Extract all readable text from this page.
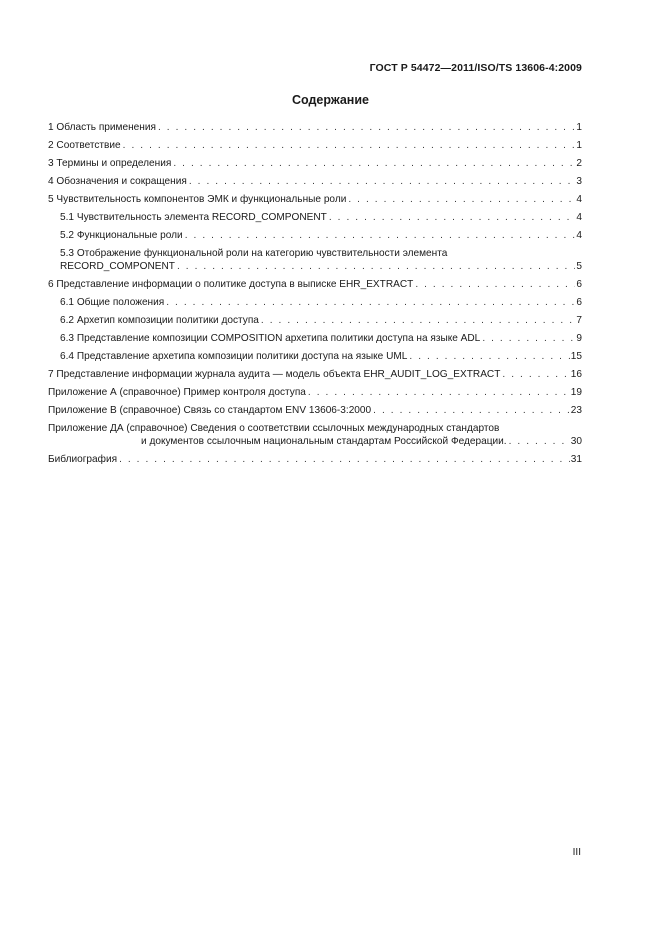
ГОСТ Р 54472—2011/ISO/TS 13606-4:2009
Содержание
1 Область применения . . .	1
2 Соответствие . . .	1
3 Термины и определения . . .	2
4 Обозначения и сокращения . . .	3
5 Чувствительность компонентов ЭМК и функциональные роли . . .	4
5.1 Чувствительность элемента RECORD_COMPONENT . . .	4
5.2 Функциональные роли . . .	4
5.3 Отображение функциональной роли на категорию чувствительности элемента
RECORD_COMPONENT . . .	5
6 Представление информации о политике доступа в выписке EHR_EXTRACT . . .	6
6.1 Общие положения . . .	6
6.2 Архетип композиции политики доступа . . .	7
6.3 Представление композиции COMPOSITION архетипа политики доступа на языке ADL . . .	9
6.4 Представление архетипа композиции политики доступа на языке UML . . .	15
7 Представление информации журнала аудита — модель объекта EHR_AUDIT_LOG_EXTRACT . . .	16
Приложение А (справочное) Пример контроля доступа . . .	19
Приложение В (справочное) Связь со стандартом ENV 13606-3:2000 . . .	23
Приложение ДА (справочное) Сведения о соответствии ссылочных международных стандартов
и документов ссылочным национальным стандартам Российской Федерации. . . .	30
Библиография . . .	31
III
